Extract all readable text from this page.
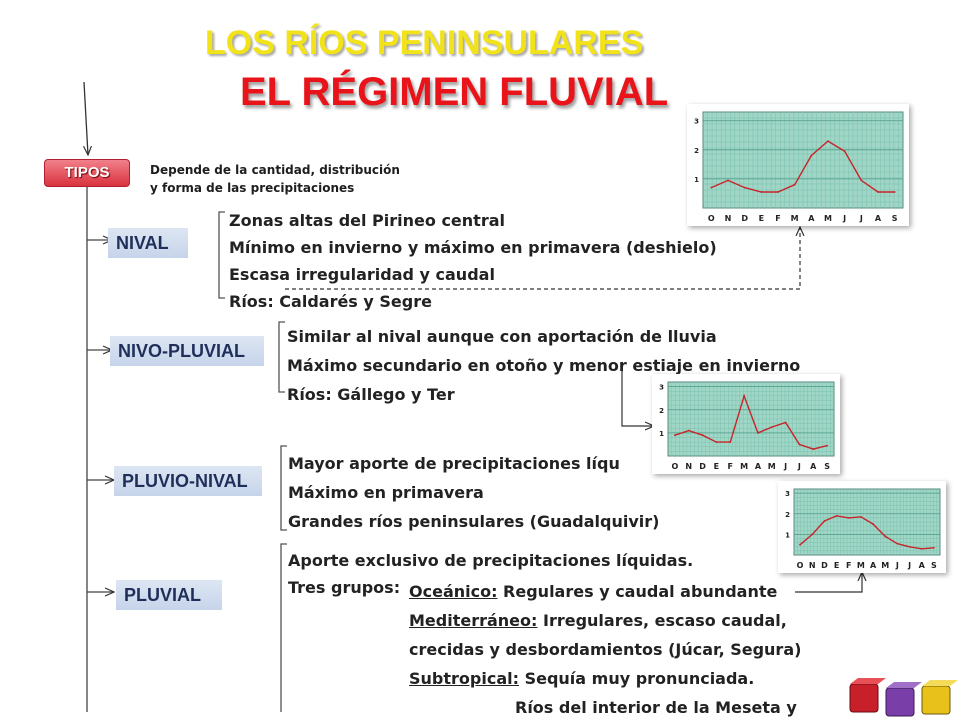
LOS RÍOS PENINSULARES
EL RÉGIMEN FLUVIAL
TIPOS	Depende de la cantidad, distribución
y forma de las precipitaciones
NIVAL
NIVO-PLUVIAL
PLUVIO-NIVAL
PLUVIAL
Zonas altas del Pirineo central
Mínimo en invierno y máximo en primavera (deshielo)
Escasa irregularidad y caudal
Ríos: Caldarés y Segre
Similar al nival aunque con aportación de lluvia
Máximo secundario en otoño y menor estiaje en invierno
Ríos: Gállego y Ter
Mayor aporte de precipitaciones líqu
Máximo en primavera
Grandes ríos peninsulares (Guadalquivir)
Aporte exclusivo de precipitaciones líquidas.
Tres grupos: Oceánico: Regulares y caudal abundante
Mediterráneo: Irregulares, escaso caudal,
crecidas y desbordamientos (Júcar, Segura)
Subtropical: Sequía muy pronunciada.
Ríos del interior de la Meseta y
1
2
3
O N D E F M A M J J A S
1
2
3
O N D E F M A M J J A S
1
2
3
O N D E F M A M J J A S
